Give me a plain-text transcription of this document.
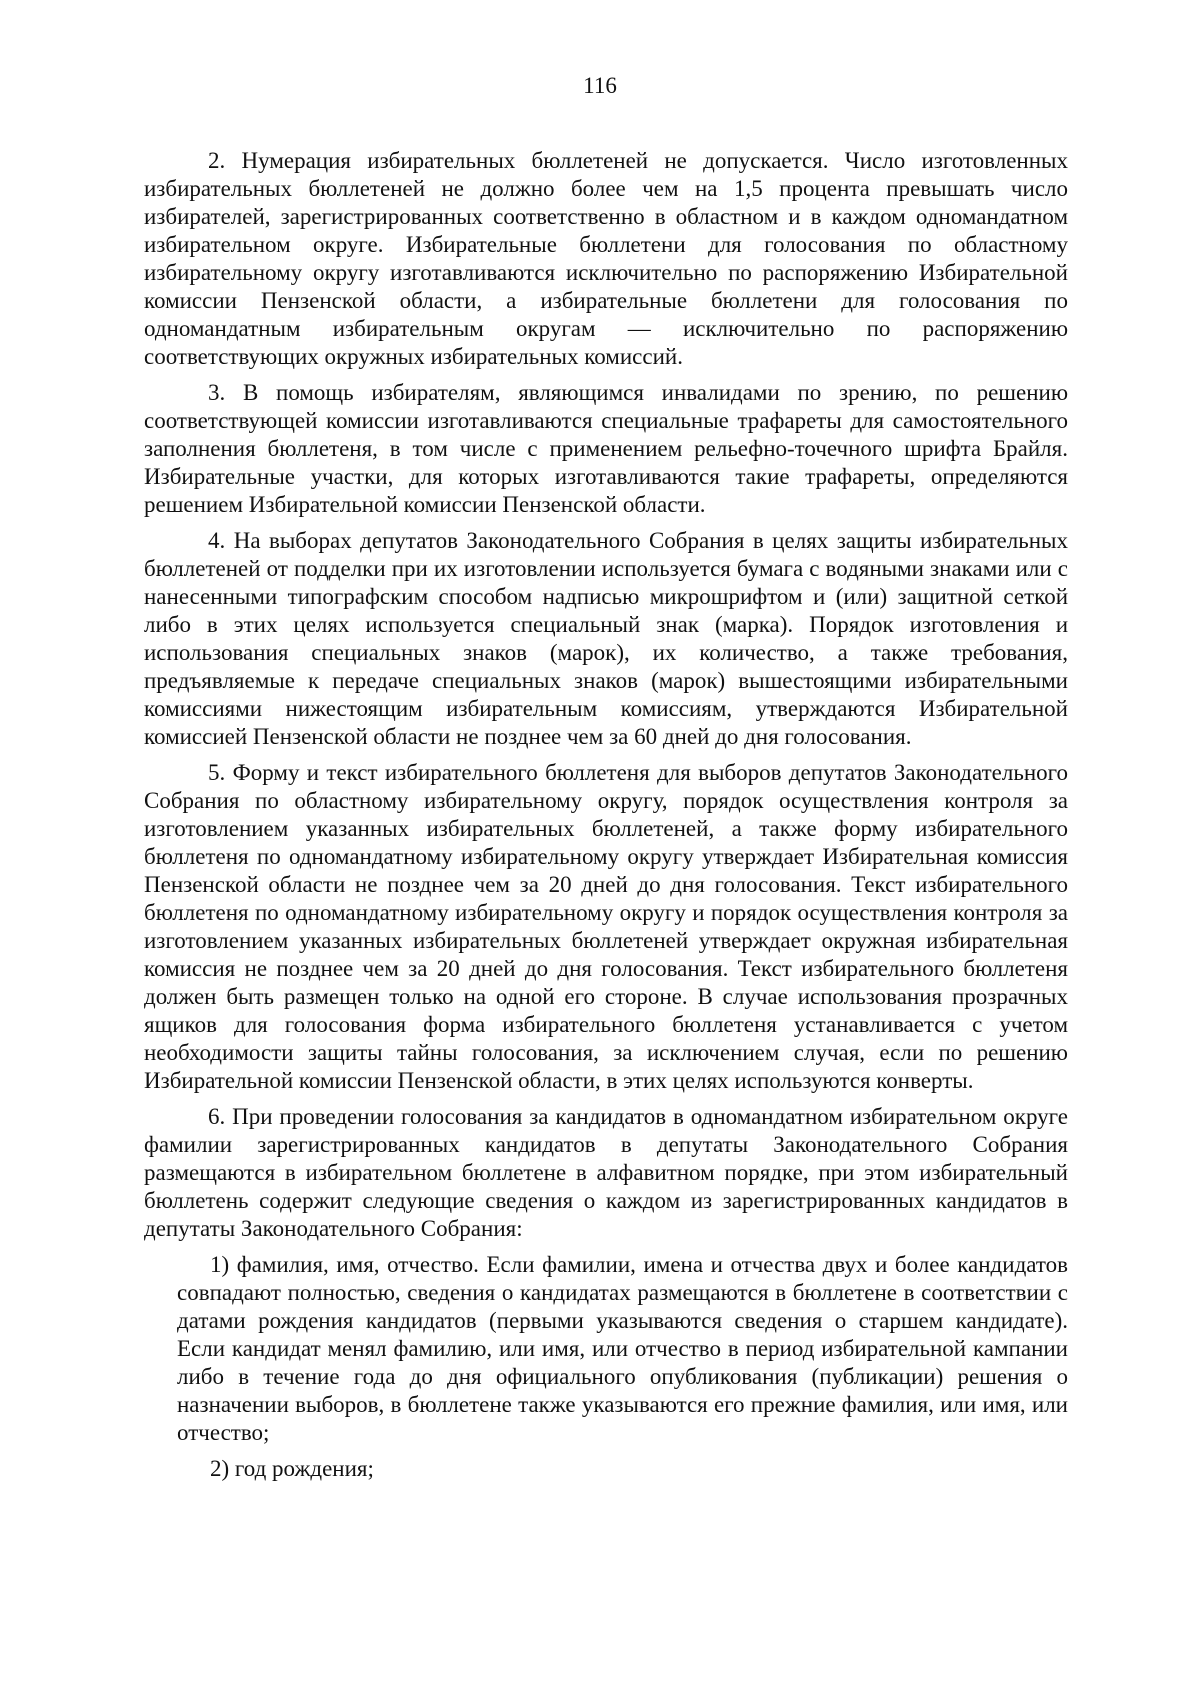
116

2. Нумерация избирательных бюллетеней не допускается. Число изготовленных избирательных бюллетеней не должно более чем на 1,5 процента превышать число избирателей, зарегистрированных соответственно в областном и в каждом одномандатном избирательном округе. Избирательные бюллетени для голосования по областному избирательному округу изготавливаются исключительно по распоряжению Избирательной комиссии Пензенской области, а избирательные бюллетени для голосования по одномандатным избирательным округам — исключительно по распоряжению соответствующих окружных избирательных комиссий.

3. В помощь избирателям, являющимся инвалидами по зрению, по решению соответствующей комиссии изготавливаются специальные трафареты для самостоятельного заполнения бюллетеня, в том числе с применением рельефно-точечного шрифта Брайля. Избирательные участки, для которых изготавливаются такие трафареты, определяются решением Избирательной комиссии Пензенской области.

4. На выборах депутатов Законодательного Собрания в целях защиты избирательных бюллетеней от подделки при их изготовлении используется бумага с водяными знаками или с нанесенными типографским способом надписью микрошрифтом и (или) защитной сеткой либо в этих целях используется специальный знак (марка). Порядок изготовления и использования специальных знаков (марок), их количество, а также требования, предъявляемые к передаче специальных знаков (марок) вышестоящими избирательными комиссиями нижестоящим избирательным комиссиям, утверждаются Избирательной комиссией Пензенской области не позднее чем за 60 дней до дня голосования.

5. Форму и текст избирательного бюллетеня для выборов депутатов Законодательного Собрания по областному избирательному округу, порядок осуществления контроля за изготовлением указанных избирательных бюллетеней, а также форму избирательного бюллетеня по одномандатному избирательному округу утверждает Избирательная комиссия Пензенской области не позднее чем за 20 дней до дня голосования. Текст избирательного бюллетеня по одномандатному избирательному округу и порядок осуществления контроля за изготовлением указанных избирательных бюллетеней утверждает окружная избирательная комиссия не позднее чем за 20 дней до дня голосования. Текст избирательного бюллетеня должен быть размещен только на одной его стороне. В случае использования прозрачных ящиков для голосования форма избирательного бюллетеня устанавливается с учетом необходимости защиты тайны голосования, за исключением случая, если по решению Избирательной комиссии Пензенской области, в этих целях используются конверты.

6. При проведении голосования за кандидатов в одномандатном избирательном округе фамилии зарегистрированных кандидатов в депутаты Законодательного Собрания размещаются в избирательном бюллетене в алфавитном порядке, при этом избирательный бюллетень содержит следующие сведения о каждом из зарегистрированных кандидатов в депутаты Законодательного Собрания:

1) фамилия, имя, отчество. Если фамилии, имена и отчества двух и более кандидатов совпадают полностью, сведения о кандидатах размещаются в бюллетене в соответствии с датами рождения кандидатов (первыми указываются сведения о старшем кандидате). Если кандидат менял фамилию, или имя, или отчество в период избирательной кампании либо в течение года до дня официального опубликования (публикации) решения о назначении выборов, в бюллетене также указываются его прежние фамилия, или имя, или отчество;

2) год рождения;
